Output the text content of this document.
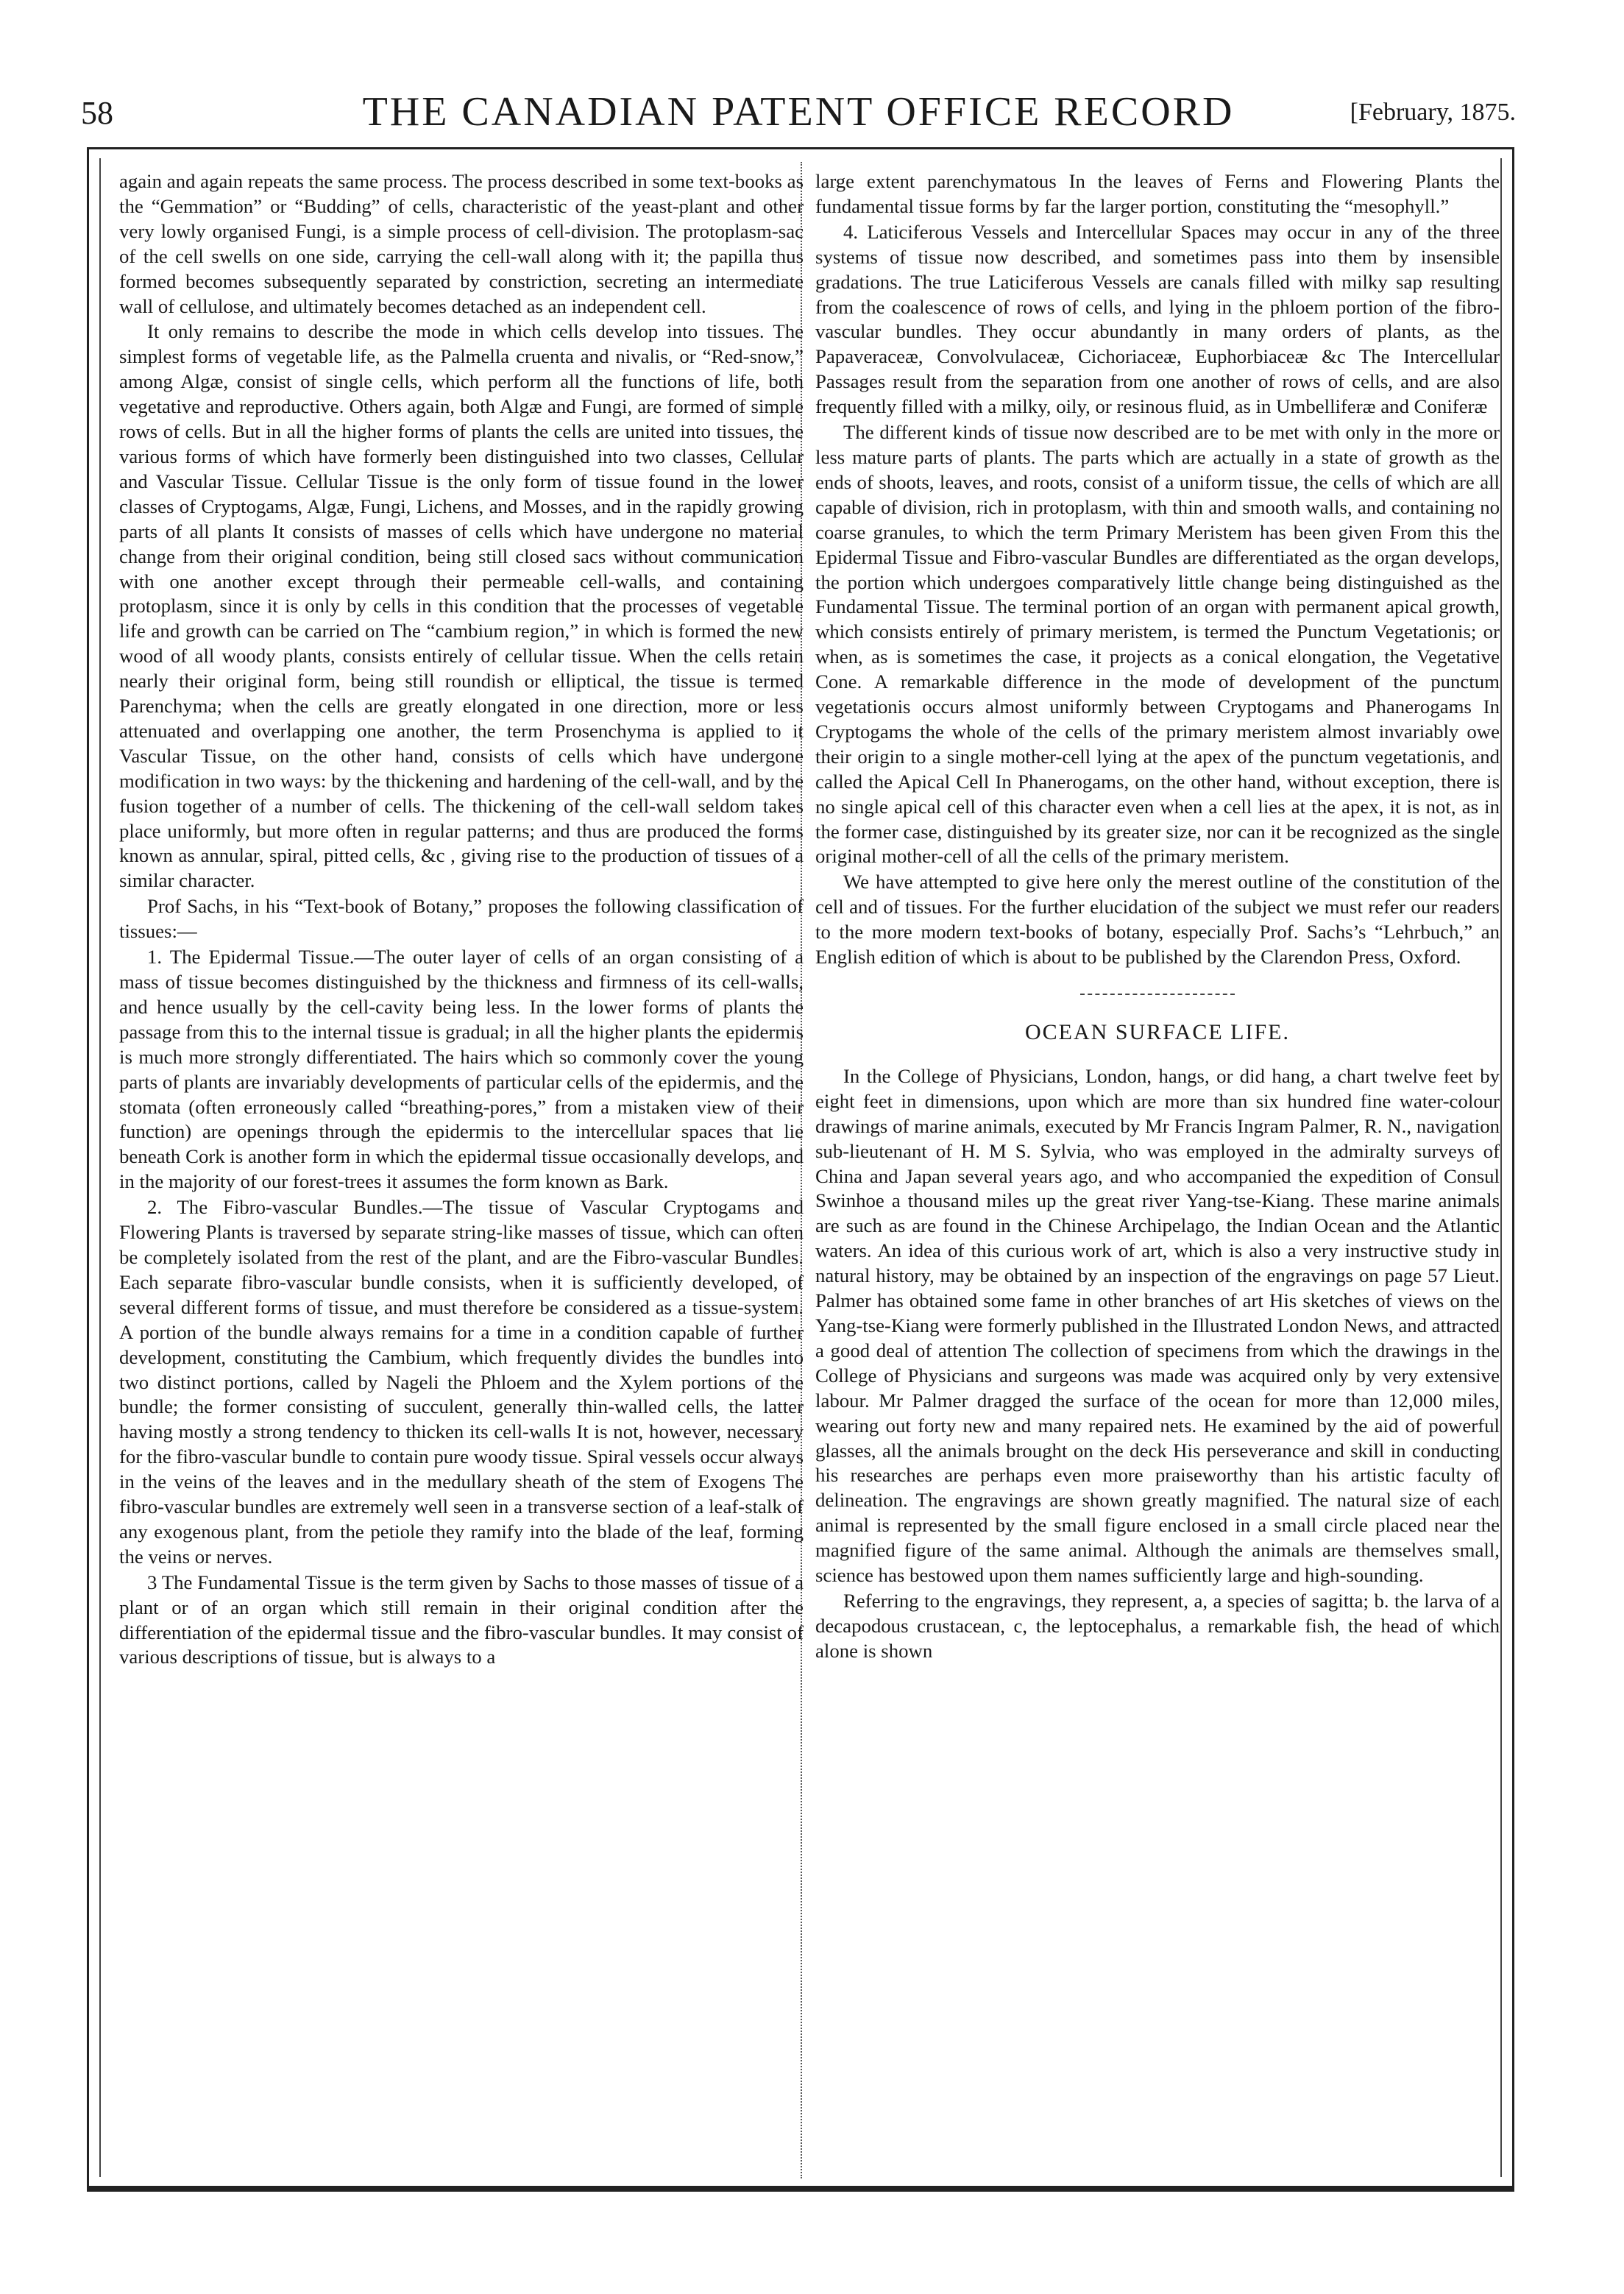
58	THE CANADIAN PATENT OFFICE RECORD	[February, 1875.

again and again repeats the same process. The process described in some text-books as the “Gemmation” or “Budding” of cells, characteristic of the yeast-plant and other very lowly organised Fungi, is a simple process of cell-division. The protoplasm-sac of the cell swells on one side, carrying the cell-wall along with it; the papilla thus formed becomes subsequently separated by constriction, secreting an intermediate wall of cellulose, and ultimately becomes detached as an independent cell.

It only remains to describe the mode in which cells develop into tissues. The simplest forms of vegetable life, as the Palmella cruenta and nivalis, or “Red-snow,” among Algæ, consist of single cells, which perform all the functions of life, both vegetative and reproductive. Others again, both Algæ and Fungi, are formed of simple rows of cells. But in all the higher forms of plants the cells are united into tissues, the various forms of which have formerly been distinguished into two classes, Cellular and Vascular Tissue. Cellular Tissue is the only form of tissue found in the lower classes of Cryptogams, Algæ, Fungi, Lichens, and Mosses, and in the rapidly growing parts of all plants It consists of masses of cells which have undergone no material change from their original condition, being still closed sacs without communication with one another except through their permeable cell-walls, and containing protoplasm, since it is only by cells in this condition that the processes of vegetable life and growth can be carried on The “cambium region,” in which is formed the new wood of all woody plants, consists entirely of cellular tissue. When the cells retain nearly their original form, being still roundish or elliptical, the tissue is termed Parenchyma; when the cells are greatly elongated in one direction, more or less attenuated and overlapping one another, the term Prosenchyma is applied to it Vascular Tissue, on the other hand, consists of cells which have undergone modification in two ways: by the thickening and hardening of the cell-wall, and by the fusion together of a number of cells. The thickening of the cell-wall seldom takes place uniformly, but more often in regular patterns; and thus are produced the forms known as annular, spiral, pitted cells, &c , giving rise to the production of tissues of a similar character.

Prof Sachs, in his “Text-book of Botany,” proposes the following classification of tissues:—

1. The Epidermal Tissue.—The outer layer of cells of an organ consisting of a mass of tissue becomes distinguished by the thickness and firmness of its cell-walls, and hence usually by the cell-cavity being less. In the lower forms of plants the passage from this to the internal tissue is gradual; in all the higher plants the epidermis is much more strongly differentiated. The hairs which so commonly cover the young parts of plants are invariably developments of particular cells of the epidermis, and the stomata (often erroneously called “breathing-pores,” from a mistaken view of their function) are openings through the epidermis to the intercellular spaces that lie beneath Cork is another form in which the epidermal tissue occasionally develops, and in the majority of our forest-trees it assumes the form known as Bark.

2. The Fibro-vascular Bundles.—The tissue of Vascular Cryptogams and Flowering Plants is traversed by separate string-like masses of tissue, which can often be completely isolated from the rest of the plant, and are the Fibro-vascular Bundles. Each separate fibro-vascular bundle consists, when it is sufficiently developed, of several different forms of tissue, and must therefore be considered as a tissue-system. A portion of the bundle always remains for a time in a condition capable of further development, constituting the Cambium, which frequently divides the bundles into two distinct portions, called by Nageli the Phloem and the Xylem portions of the bundle; the former consisting of succulent, generally thin-walled cells, the latter having mostly a strong tendency to thicken its cell-walls It is not, however, necessary for the fibro-vascular bundle to contain pure woody tissue. Spiral vessels occur always in the veins of the leaves and in the medullary sheath of the stem of Exogens The fibro-vascular bundles are extremely well seen in a transverse section of a leaf-stalk of any exogenous plant, from the petiole they ramify into the blade of the leaf, forming the veins or nerves.

3 The Fundamental Tissue is the term given by Sachs to those masses of tissue of a plant or of an organ which still remain in their original condition after the differentiation of the epidermal tissue and the fibro-vascular bundles. It may consist of various descriptions of tissue, but is always to a

large extent parenchymatous In the leaves of Ferns and Flowering Plants the fundamental tissue forms by far the larger portion, constituting the “mesophyll.”

4. Laticiferous Vessels and Intercellular Spaces may occur in any of the three systems of tissue now described, and sometimes pass into them by insensible gradations. The true Laticiferous Vessels are canals filled with milky sap resulting from the coalescence of rows of cells, and lying in the phloem portion of the fibro-vascular bundles. They occur abundantly in many orders of plants, as the Papaveraceæ, Convolvulaceæ, Cichoriaceæ, Euphorbiaceæ &c The Intercellular Passages result from the separation from one another of rows of cells, and are also frequently filled with a milky, oily, or resinous fluid, as in Umbelliferæ and Coniferæ

The different kinds of tissue now described are to be met with only in the more or less mature parts of plants. The parts which are actually in a state of growth as the ends of shoots, leaves, and roots, consist of a uniform tissue, the cells of which are all capable of division, rich in protoplasm, with thin and smooth walls, and containing no coarse granules, to which the term Primary Meristem has been given From this the Epidermal Tissue and Fibro-vascular Bundles are differentiated as the organ develops, the portion which undergoes comparatively little change being distinguished as the Fundamental Tissue. The terminal portion of an organ with permanent apical growth, which consists entirely of primary meristem, is termed the Punctum Vegetationis; or when, as is sometimes the case, it projects as a conical elongation, the Vegetative Cone. A remarkable difference in the mode of development of the punctum vegetationis occurs almost uniformly between Cryptogams and Phanerogams In Cryptogams the whole of the cells of the primary meristem almost invariably owe their origin to a single mother-cell lying at the apex of the punctum vegetationis, and called the Apical Cell In Phanerogams, on the other hand, without exception, there is no single apical cell of this character even when a cell lies at the apex, it is not, as in the former case, distinguished by its greater size, nor can it be recognized as the single original mother-cell of all the cells of the primary meristem.

We have attempted to give here only the merest outline of the constitution of the cell and of tissues. For the further elucidation of the subject we must refer our readers to the more modern text-books of botany, especially Prof. Sachs’s “Lehrbuch,” an English edition of which is about to be published by the Clarendon Press, Oxford.

OCEAN SURFACE LIFE.

In the College of Physicians, London, hangs, or did hang, a chart twelve feet by eight feet in dimensions, upon which are more than six hundred fine water-colour drawings of marine animals, executed by Mr Francis Ingram Palmer, R. N., navigation sub-lieutenant of H. M S. Sylvia, who was employed in the admiralty surveys of China and Japan several years ago, and who accompanied the expedition of Consul Swinhoe a thousand miles up the great river Yang-tse-Kiang. These marine animals are such as are found in the Chinese Archipelago, the Indian Ocean and the Atlantic waters. An idea of this curious work of art, which is also a very instructive study in natural history, may be obtained by an inspection of the engravings on page 57 Lieut. Palmer has obtained some fame in other branches of art His sketches of views on the Yang-tse-Kiang were formerly published in the Illustrated London News, and attracted a good deal of attention The collection of specimens from which the drawings in the College of Physicians and surgeons was made was acquired only by very extensive labour. Mr Palmer dragged the surface of the ocean for more than 12,000 miles, wearing out forty new and many repaired nets. He examined by the aid of powerful glasses, all the animals brought on the deck His perseverance and skill in conducting his researches are perhaps even more praiseworthy than his artistic faculty of delineation. The engravings are shown greatly magnified. The natural size of each animal is represented by the small figure enclosed in a small circle placed near the magnified figure of the same animal. Although the animals are themselves small, science has bestowed upon them names sufficiently large and high-sounding.

Referring to the engravings, they represent, a, a species of sagitta; b. the larva of a decapodous crustacean, c, the leptocephalus, a remarkable fish, the head of which alone is shown
